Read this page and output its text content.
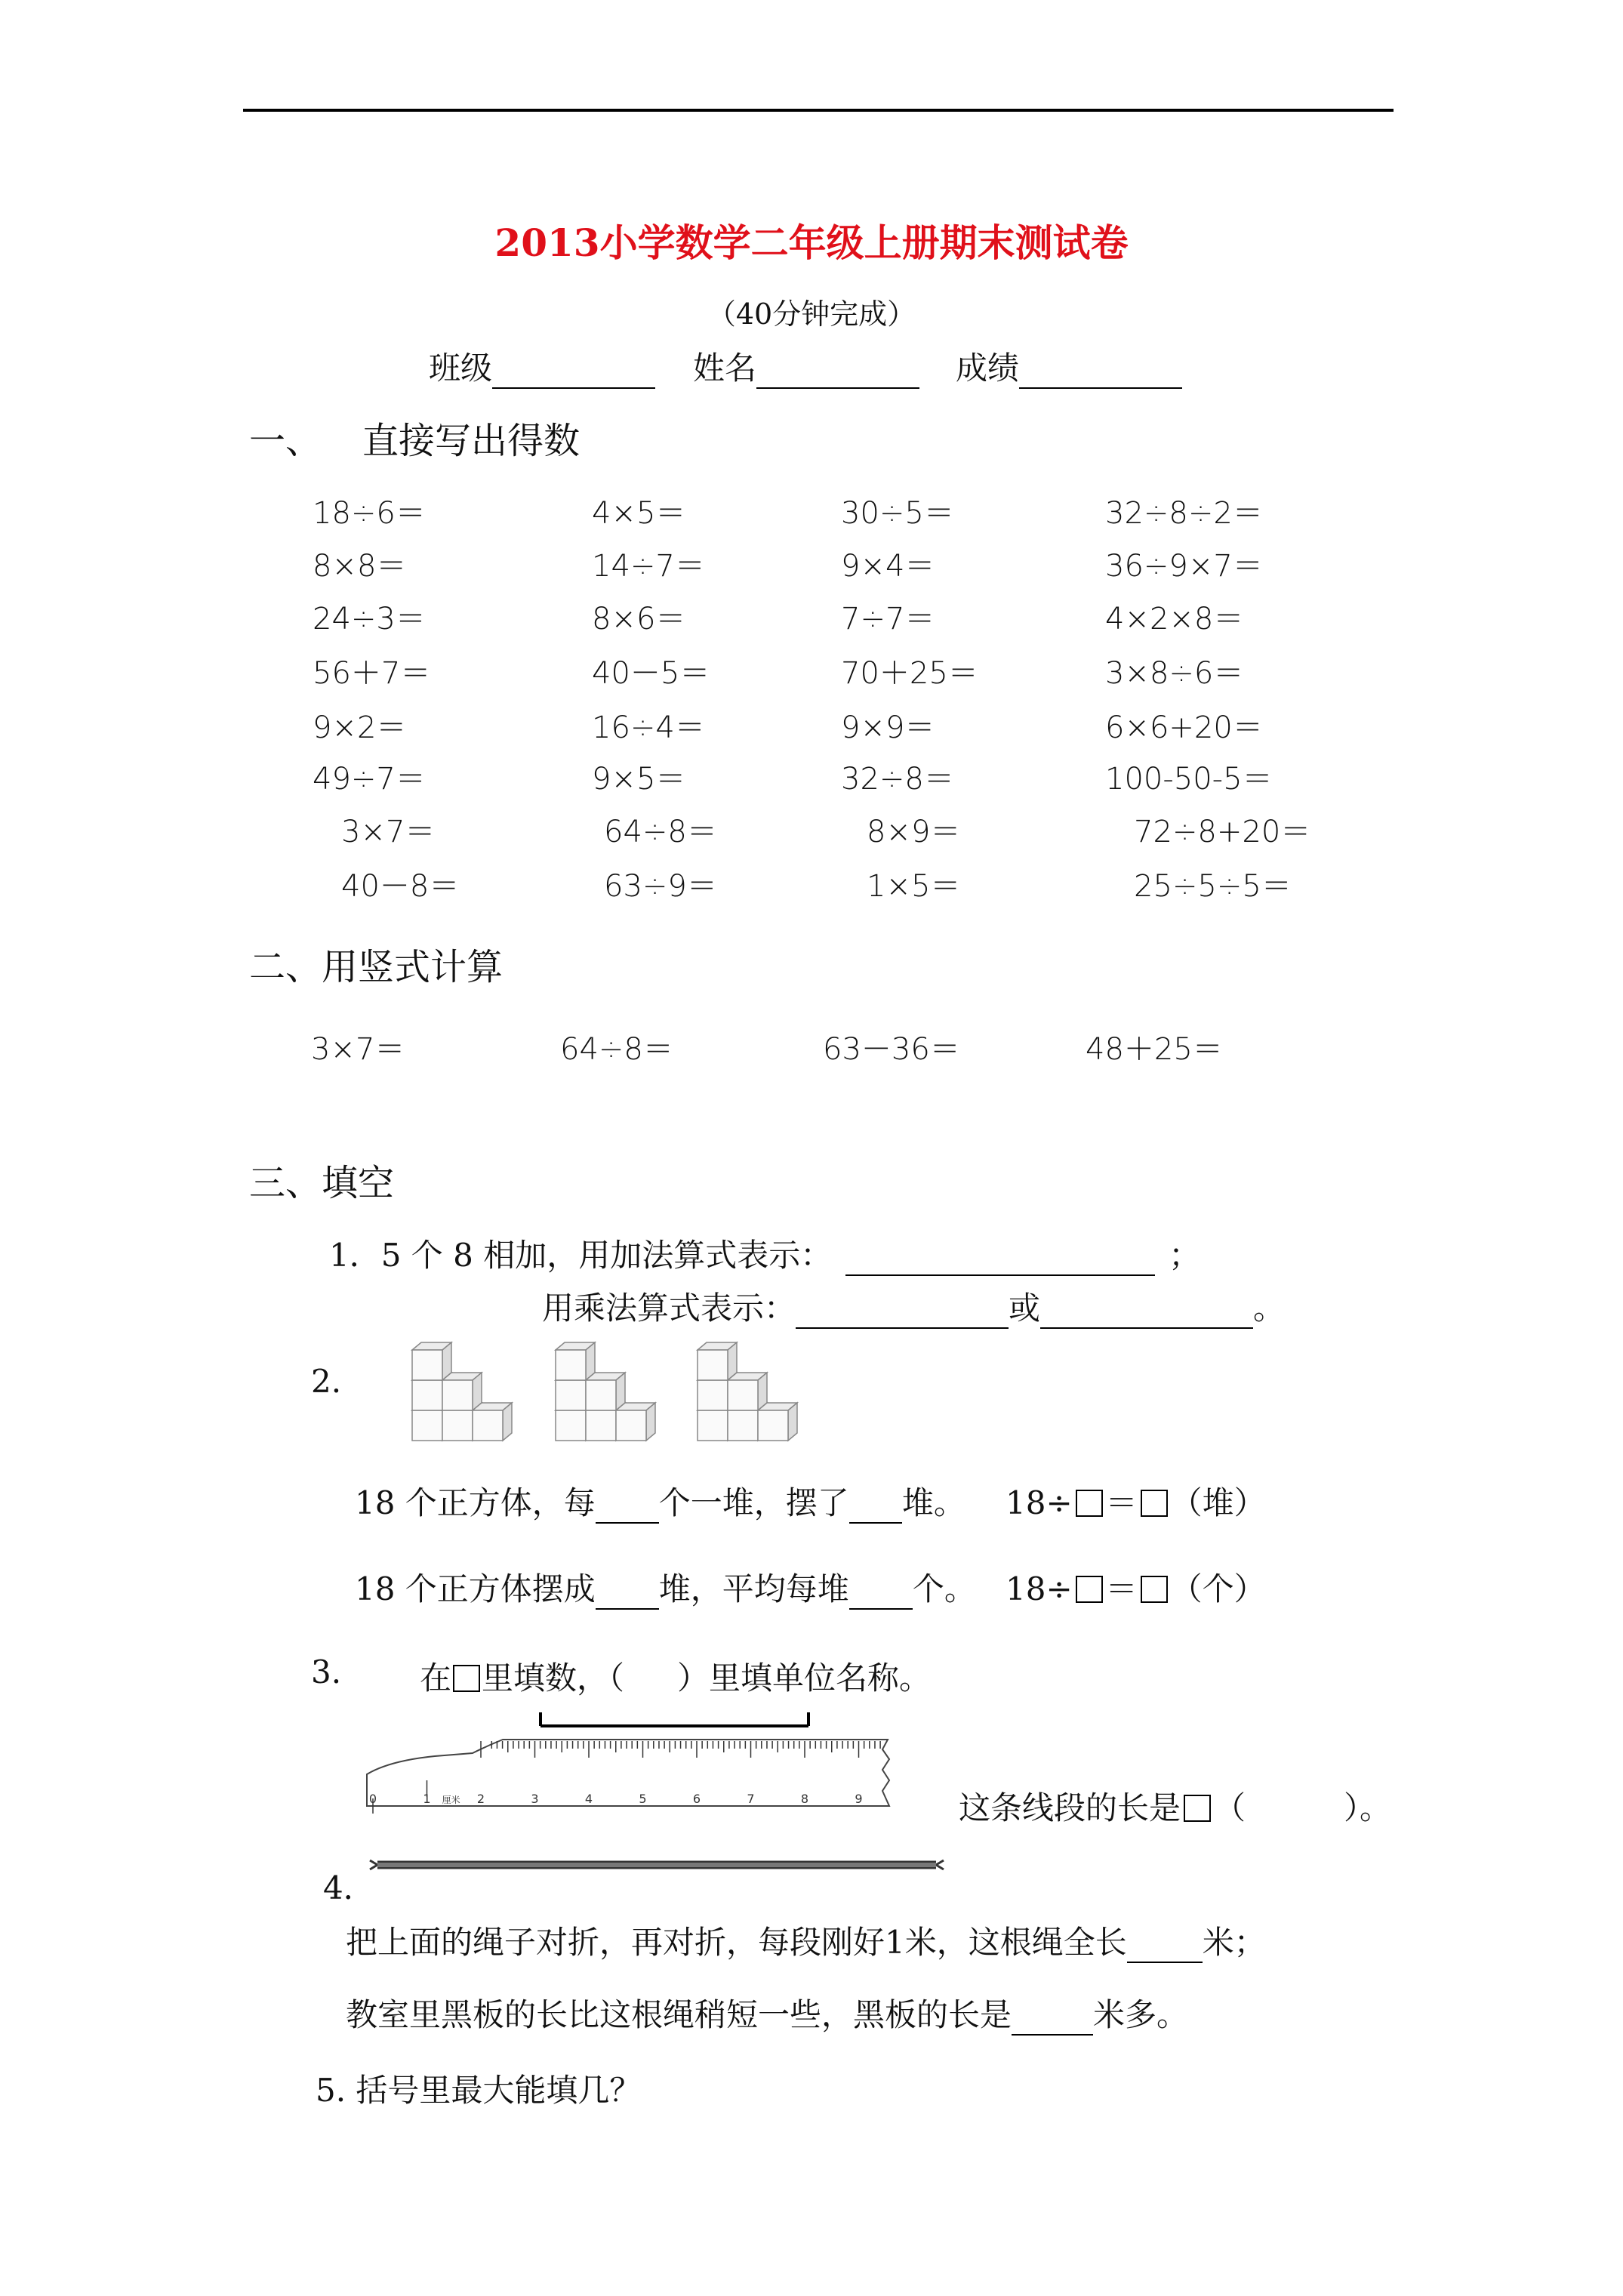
2013小学数学二年级上册期末测试卷
（40分钟完成）
班级	姓名	成绩
一、 直接写出得数
18÷6＝	4×5＝	30÷5＝	32÷8÷2＝
8×8＝	14÷7＝	9×4＝	36÷9×7＝
24÷3＝	8×6＝	7÷7＝	4×2×8＝
56＋7＝	40－5＝	70＋25＝	3×8÷6＝
9×2＝	16÷4＝	9×9＝	6×6+20＝
49÷7＝	9×5＝	32÷8＝	100-50-5＝
3×7＝	64÷8＝	8×9＝	72÷8+20＝
40－8＝	63÷9＝	1×5＝	25÷5÷5＝
二、用竖式计算
3×7＝	64÷8＝	63－36＝	48＋25＝
三、填空
1．5 个 8 相加，用加法算式表示：	；
用乘法算式表示：	或	。
2.
18 个正方体，每 个一堆，摆了 堆。 18÷ ＝ （堆）
18 个正方体摆成 堆，平均每堆 个。 18÷ ＝ （个）
3. 在 里填数，（ ）里填单位名称。
0	1 厘米 2	3	4	5	6	7	8	9	这条线段的长是 （	）。
4．
把上面的绳子对折，再对折，每段刚好1米，这根绳全长 米；
教室里黑板的长比这根绳稍短一些，黑板的长是	米多。
5. 括号里最大能填几？
